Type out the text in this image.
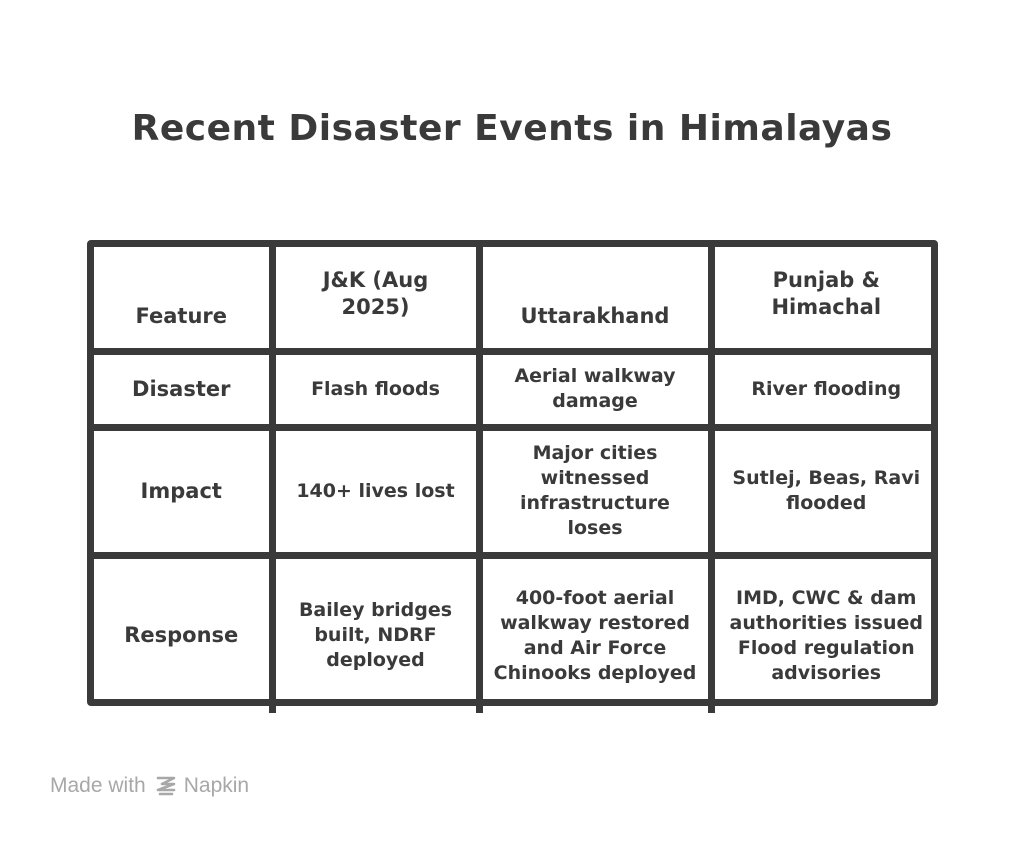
Recent Disaster Events in Himalayas
Feature	J&K (Aug 2025)	Uttarakhand	Punjab & Himachal
Disaster	Flash floods	Aerial walkway damage	River flooding
Impact	140+ lives lost	Major cities witnessed infrastructure loses	Sutlej, Beas, Ravi flooded
Response	Bailey bridges built, NDRF deployed	400-foot aerial walkway restored and Air Force Chinooks deployed	IMD, CWC & dam authorities issued Flood regulation advisories
Made with Napkin
